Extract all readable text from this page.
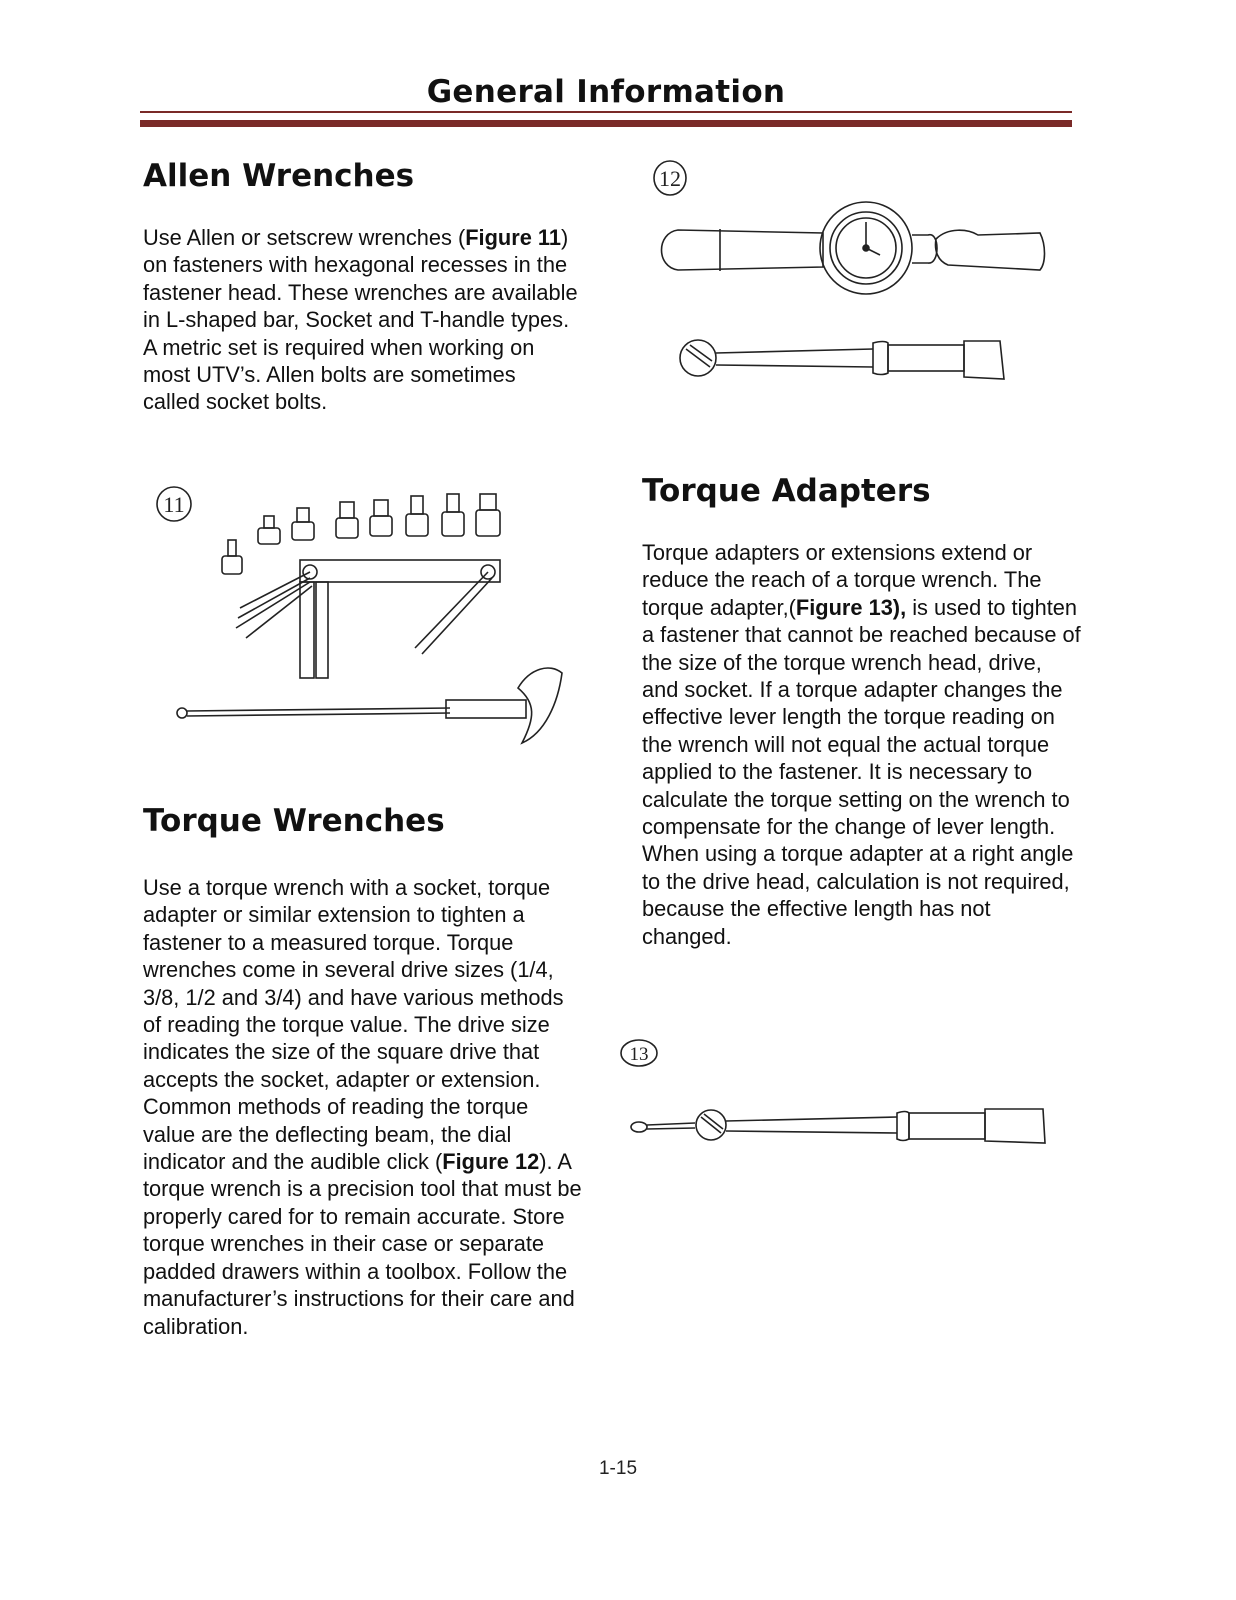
General Information
Allen Wrenches

Use Allen or setscrew wrenches (Figure 11) on fasteners with hexagonal recesses in the fastener head. These wrenches are available in L-shaped bar, Socket and T-handle types. A metric set is required when working on most UTV’s. Allen bolts are sometimes called socket bolts.

11
Torque Wrenches

Use a torque wrench with a socket, torque adapter or similar extension to tighten a fastener to a measured torque. Torque wrenches come in several drive sizes (1/4, 3/8, 1/2 and 3/4) and have various methods of reading the torque value. The drive size indicates the size of the square drive that accepts the socket, adapter or extension. Common methods of reading the torque value are the deflecting beam, the dial indicator and the audible click (Figure 12). A torque wrench is a precision tool that must be properly cared for to remain accurate. Store torque wrenches in their case or separate padded drawers within a toolbox. Follow the manufacturer’s instructions for their care and calibration.

12
Torque Adapters

Torque adapters or extensions extend or reduce the reach of a torque wrench. The torque adapter,(Figure 13), is used to tighten a fastener that cannot be reached because of the size of the torque wrench head, drive, and socket. If a torque adapter changes the effective lever length the torque reading on the wrench will not equal the actual torque applied to the fastener. It is necessary to calculate the torque setting on the wrench to compensate for the change of lever length. When using a torque adapter at a right angle to the drive head, calculation is not required, because the effective length has not changed.

13
1-15
